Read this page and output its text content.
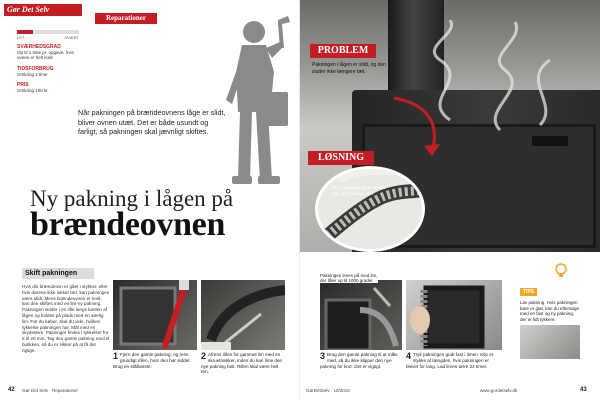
Gør Det Selv
Reparationer
LET	SVÆRT
SVÆRHEDSGRAD
Op til 1 time pr. opgave, hvis ovnen er helt kold
TIDSFORBRUG
Omkring 1 time
PRIS
Omkring 100 kr.
Når pakningen på brændeovnens låge er slidt, bliver ovnen utæt. Det er både usundt og farligt, så pakningen skal jævnligt skiftes.
Ny pakning i lågen på
brændeovnen
PROBLEM
Pakningen i lågen er slidt, og den slutter ikke længere tæt.
LØSNING
En ny pakning giver en tæt dør og en sikker ovn.
Skift pakningen
Hvis din brændeovn er gået i stykker, eller hvis dørene ikke lukker tæt, kan pakningen være slidt. Mens brændeovnen er kold, kan den skiftes med en lim-ny pakning. Pakningen sidder i en rille langs kanten af lågen og holdes på plads med en særlig lim. Før du køber, skal du vide, hvilken tykkelse pakningen har. Mål med en skydelære. Pakninger findes i tykkelser fra 5 til 20 mm. Tag den gamle pakning med til butikken, så du er sikker på at få det rigtige.
Pakningen limes på med lim, der tåler op til 1000 grader.
1 Fjern den gamle pakning, og rens grundigt rillen, hvor den har siddet. Brug en stålbørste.
2 Afrens rillen for gammel lim med en skruetrækker, inden du kan lime den nye pakning fast. Rillen skal være helt ren.
3 Brug den gamle pakning til at måle med, så du ikke klipper den nye pakning for kort. Det er vigtigt.
4 Tryk pakningen godt fast i limen. Klip et stykke af længden, hvis pakningen er blevet for lang. Lad limen tørre 24 timer.
TIPS
Lav pakning. Hvis pakningen bare er glat, kan du eftersøge med en fast og ny pakning, der er lidt tykkere.
42 Gør Det Selv · Reparationer	GørDetSelv · 10/2019	www.gordetselv.dk	43
